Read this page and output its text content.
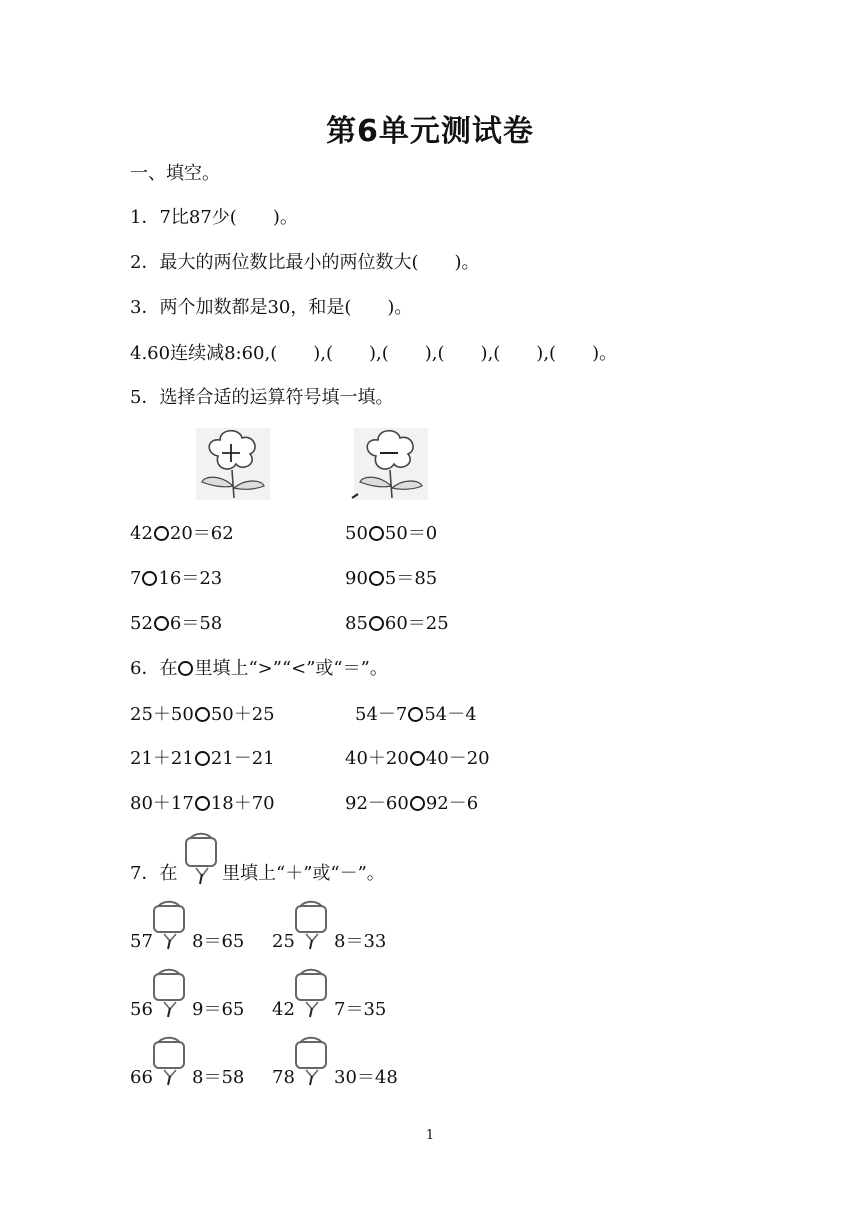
第6单元测试卷
一、填空。
1．7比87少(　　)。
2．最大的两位数比最小的两位数大(　　)。
3．两个加数都是30，和是(　　)。
4.60连续减8:60,(　　),(　　),(　　),(　　),(　　),(　　)。
5．选择合适的运算符号填一填。
42 20＝62	50 50＝0
7 16＝23	90 5＝85
52 6＝58	85 60＝25
6．在 里填上“>”“<”或“＝”。
25＋50 50＋25	54－7 54－4
21＋21 21－21	40＋20 40－20
80＋17 18＋70	92－60 92－6
7．在 里填上“＋”或“－”。
57 8＝65 25 8＝33
56 9＝65 42 7＝35
66 8＝58 78 30＝48
1
